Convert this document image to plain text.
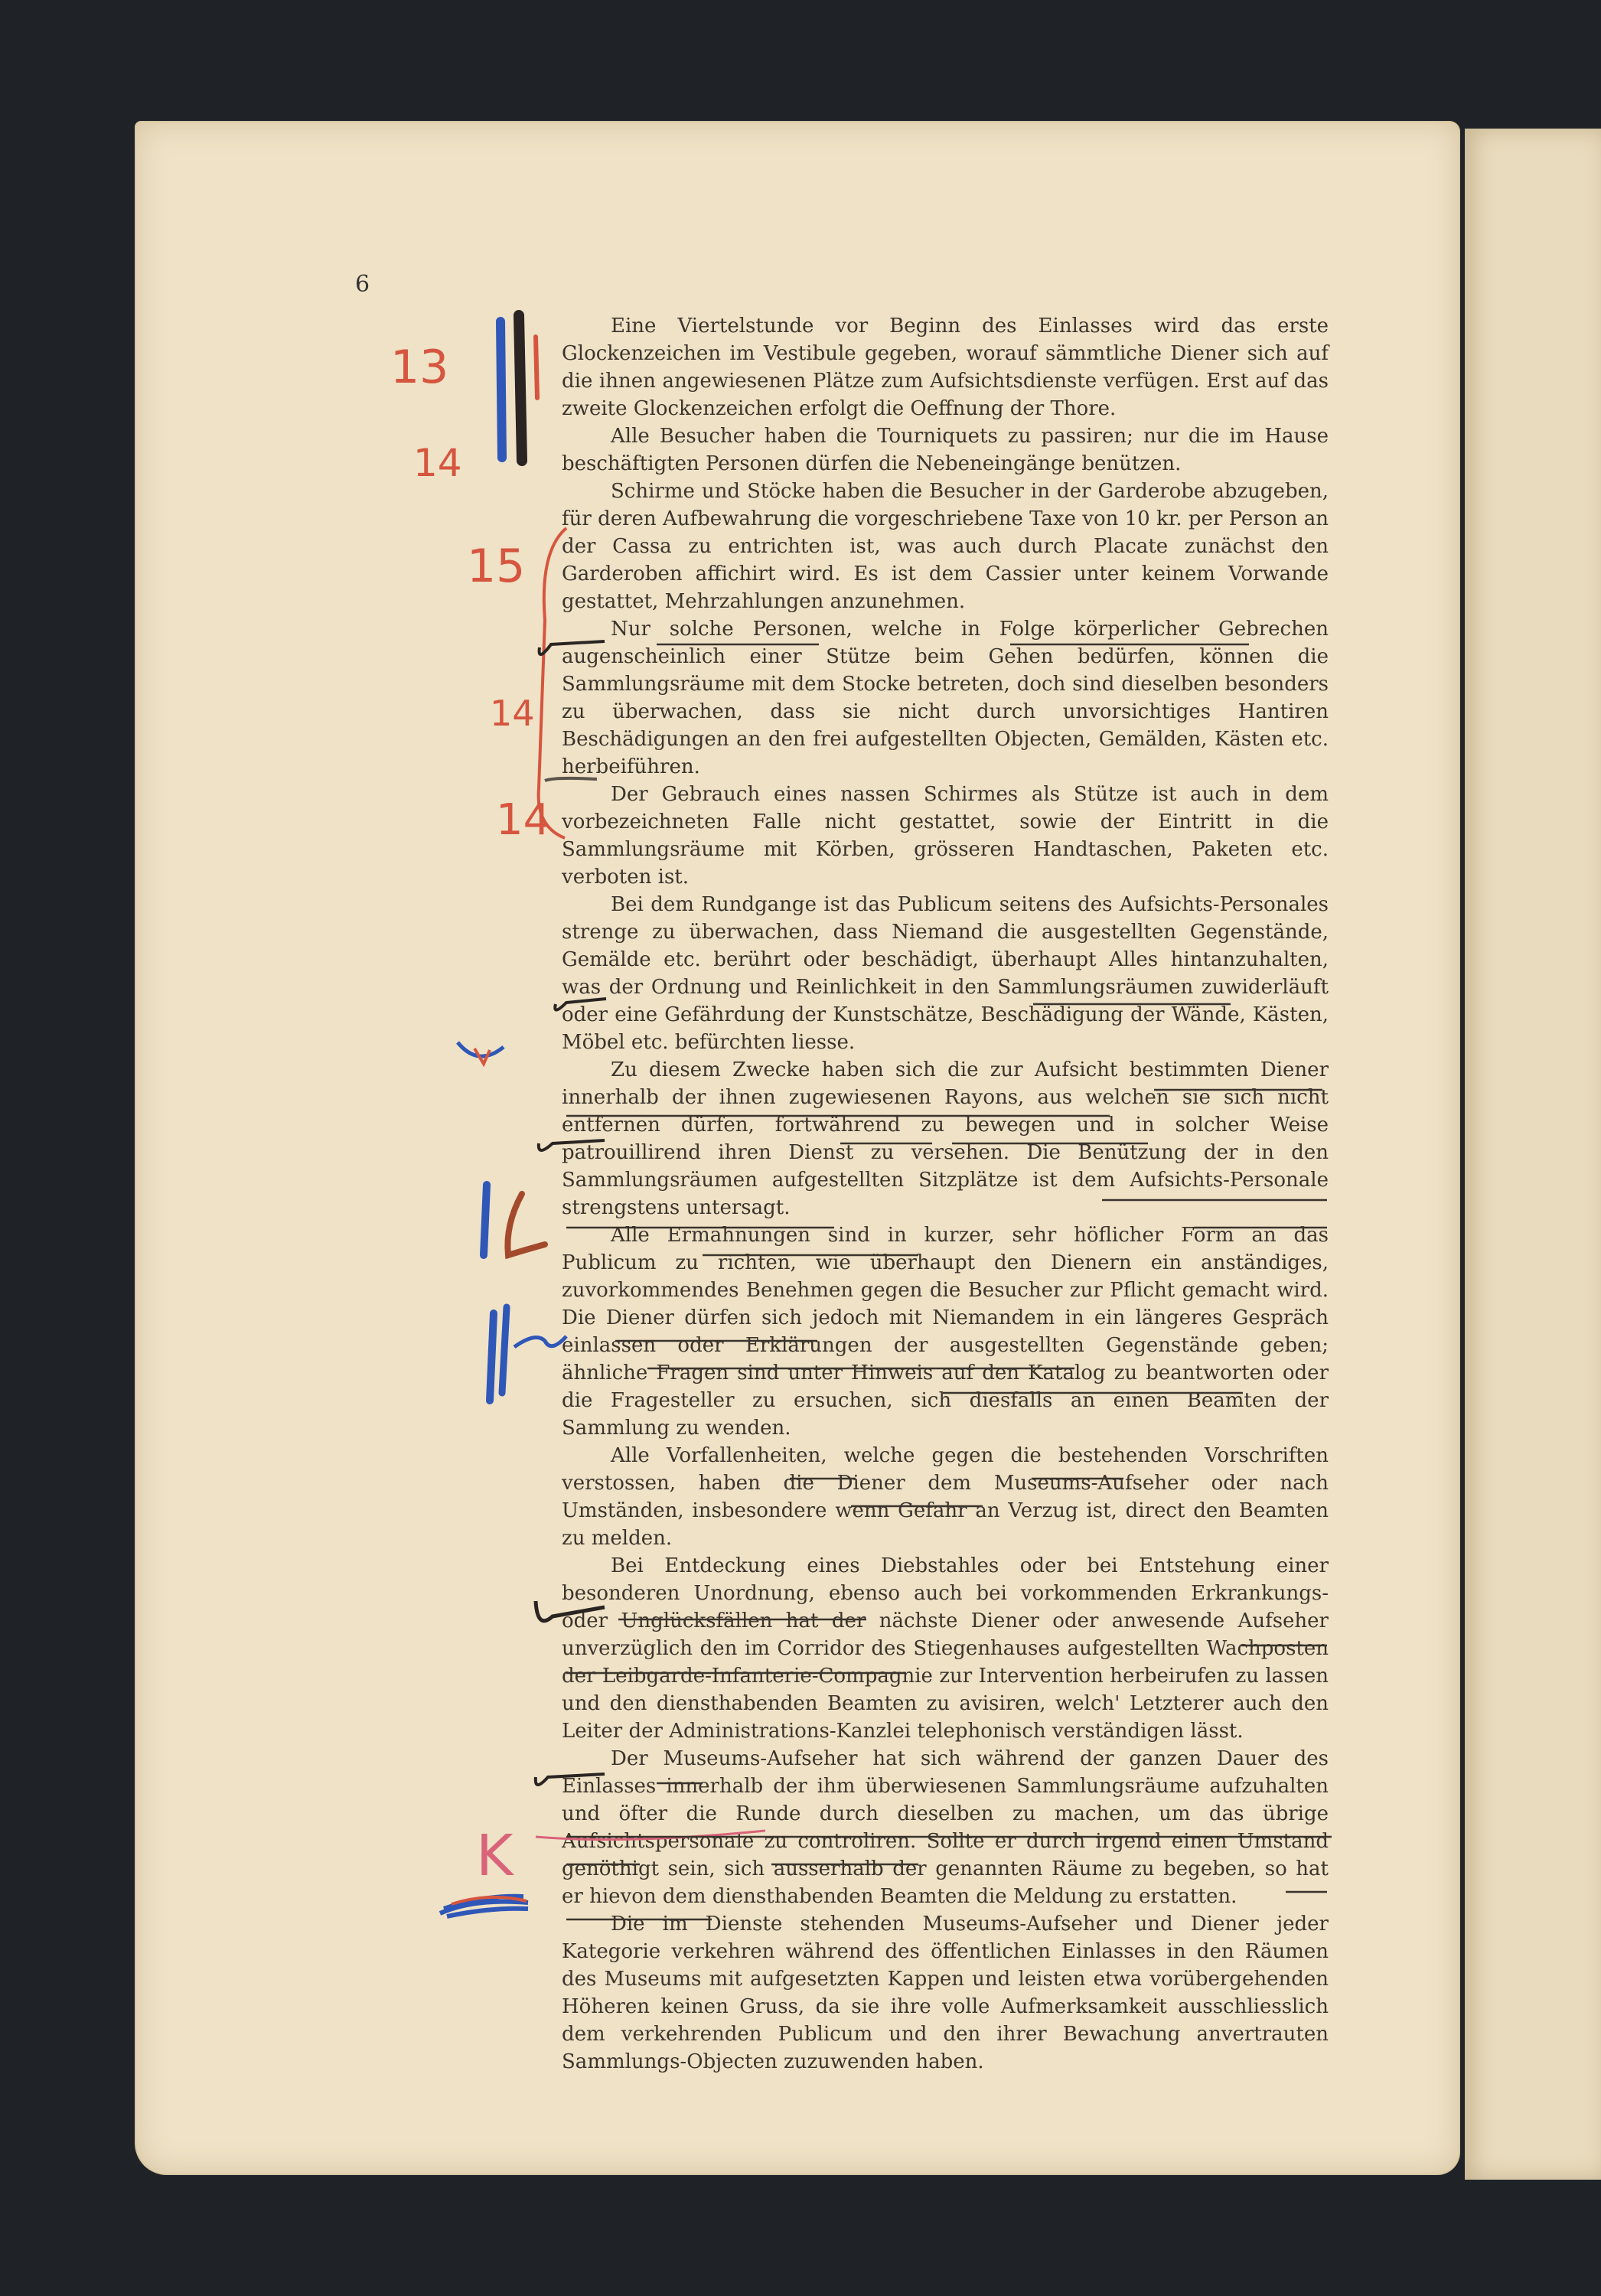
6

Eine Viertelstunde vor Beginn des Einlasses wird das erste Glockenzeichen im Vestibule gegeben, worauf sämmtliche Diener sich auf die ihnen angewiesenen Plätze zum Aufsichtsdienste verfügen. Erst auf das zweite Glockenzeichen erfolgt die Oeffnung der Thore.

Alle Besucher haben die Tourniquets zu passiren; nur die im Hause beschäftigten Personen dürfen die Nebeneingänge benützen.

Schirme und Stöcke haben die Besucher in der Garderobe abzugeben, für deren Aufbewahrung die vorgeschriebene Taxe von 10 kr. per Person an der Cassa zu entrichten ist, was auch durch Placate zunächst den Garderoben affichirt wird. Es ist dem Cassier unter keinem Vorwande gestattet, Mehrzahlungen anzunehmen.

Nur solche Personen, welche in Folge körperlicher Gebrechen augenscheinlich einer Stütze beim Gehen bedürfen, können die Sammlungsräume mit dem Stocke betreten, doch sind dieselben besonders zu überwachen, dass sie nicht durch unvorsichtiges Hantiren Beschädigungen an den frei aufgestellten Objecten, Gemälden, Kästen etc. herbeiführen.

Der Gebrauch eines nassen Schirmes als Stütze ist auch in dem vorbezeichneten Falle nicht gestattet, sowie der Eintritt in die Sammlungsräume mit Körben, grösseren Handtaschen, Paketen etc. verboten ist.

Bei dem Rundgange ist das Publicum seitens des Aufsichts-Personales strenge zu überwachen, dass Niemand die ausgestellten Gegenstände, Gemälde etc. berührt oder beschädigt, überhaupt Alles hintanzuhalten, was der Ordnung und Reinlichkeit in den Sammlungsräumen zuwiderläuft oder eine Gefährdung der Kunstschätze, Beschädigung der Wände, Kästen, Möbel etc. befürchten liesse.

Zu diesem Zwecke haben sich die zur Aufsicht bestimmten Diener innerhalb der ihnen zugewiesenen Rayons, aus welchen sie sich nicht entfernen dürfen, fortwährend zu bewegen und in solcher Weise patrouillirend ihren Dienst zu versehen. Die Benützung der in den Sammlungsräumen aufgestellten Sitzplätze ist dem Aufsichts-Personale strengstens untersagt.

Alle Ermahnungen sind in kurzer, sehr höflicher Form an das Publicum zu richten, wie überhaupt den Dienern ein anständiges, zuvorkommendes Benehmen gegen die Besucher zur Pflicht gemacht wird. Die Diener dürfen sich jedoch mit Niemandem in ein längeres Gespräch einlassen oder Erklärungen der ausgestellten Gegenstände geben; ähnliche Fragen sind unter Hinweis auf den Katalog zu beantworten oder die Fragesteller zu ersuchen, sich diesfalls an einen Beamten der Sammlung zu wenden.

Alle Vorfallenheiten, welche gegen die bestehenden Vorschriften verstossen, haben die Diener dem Museums-Aufseher oder nach Umständen, insbesondere wenn Gefahr an Verzug ist, direct den Beamten zu melden.

Bei Entdeckung eines Diebstahles oder bei Entstehung einer besonderen Unordnung, ebenso auch bei vorkommenden Erkrankungs- oder Unglücksfällen hat der nächste Diener oder anwesende Aufseher unverzüglich den im Corridor des Stiegenhauses aufgestellten Wachposten der Leibgarde-Infanterie-Compagnie zur Intervention herbeirufen zu lassen und den diensthabenden Beamten zu avisiren, welch' Letzterer auch den Leiter der Administrations-Kanzlei telephonisch verständigen lässt.

Der Museums-Aufseher hat sich während der ganzen Dauer des Einlasses innerhalb der ihm überwiesenen Sammlungsräume aufzuhalten und öfter die Runde durch dieselben zu machen, um das übrige Aufsichtspersonale zu controliren. Sollte er durch irgend einen Umstand genöthigt sein, sich ausserhalb der genannten Räume zu begeben, so hat er hievon dem diensthabenden Beamten die Meldung zu erstatten.

Die im Dienste stehenden Museums-Aufseher und Diener jeder Kategorie verkehren während des öffentlichen Einlasses in den Räumen des Museums mit aufgesetzten Kappen und leisten etwa vorübergehenden Höheren keinen Gruss, da sie ihre volle Aufmerksamkeit ausschliesslich dem verkehrenden Publicum und den ihrer Bewachung anvertrauten Sammlungs-Objecten zuzuwenden haben.

13
14
15
14
14
K
